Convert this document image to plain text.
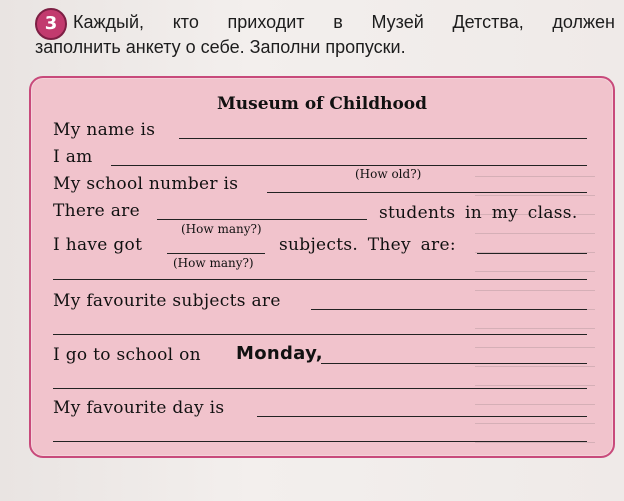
3 Каждый, кто приходит в Музей Детства, должен
заполнить анкету о себе. Заполни пропуски.
Museum of Childhood
My name is
I am
(How old?)
My school number is
There are	students in my class.
(How many?)
I have got	subjects. They are:
(How many?)
My favourite subjects are
I go to school on Monday,
My favourite day is
